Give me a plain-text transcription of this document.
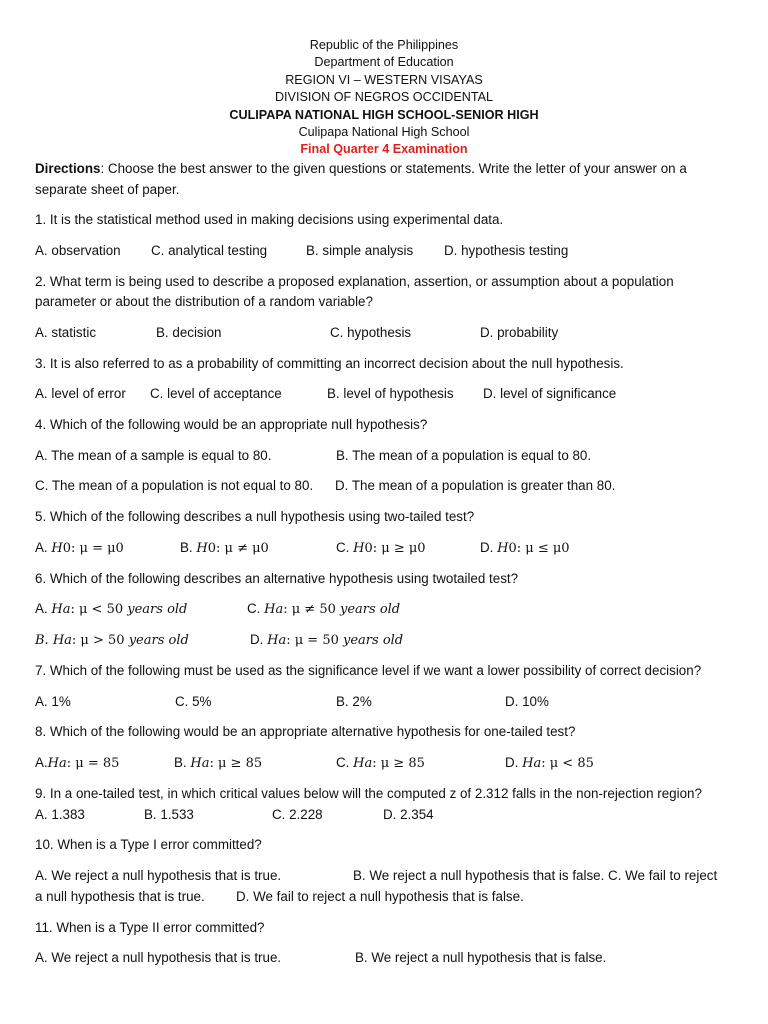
Republic of the Philippines
Department of Education
REGION VI – WESTERN VISAYAS
DIVISION OF NEGROS OCCIDENTAL
CULIPAPA NATIONAL HIGH SCHOOL-SENIOR HIGH
Culipapa National High School
Final Quarter 4 Examination
Directions: Choose the best answer to the given questions or statements. Write the letter of your answer on a
separate sheet of paper.
1. It is the statistical method used in making decisions using experimental data.
A. observation C. analytical testing	B. simple analysis D. hypothesis testing
2. What term is being used to describe a proposed explanation, assertion, or assumption about a population
parameter or about the distribution of a random variable?
A. statistic	B. decision	C. hypothesis	D. probability
3. It is also referred to as a probability of committing an incorrect decision about the null hypothesis.
A. level of error C. level of acceptance	B. level of hypothesis D. level of significance
4. Which of the following would be an appropriate null hypothesis?
A. The mean of a sample is equal to 80.	B. The mean of a population is equal to 80.
C. The mean of a population is not equal to 80. D. The mean of a population is greater than 80.
5. Which of the following describes a null hypothesis using two-tailed test?
A. H0: μ = μ0	B. H0: μ ≠ μ0	C. H0: μ ≥ μ0	D. H0: μ ≤ μ0
6. Which of the following describes an alternative hypothesis using twotailed test?
A. Ha: μ < 50 years old	C. Ha: μ ≠ 50 years old
B. Ha: μ > 50 years old	D. Ha: μ = 50 years old
7. Which of the following must be used as the significance level if we want a lower possibility of correct decision?
A. 1%	C. 5%	B. 2%	D. 10%
8. Which of the following would be an appropriate alternative hypothesis for one-tailed test?
A.Ha: μ = 85	B. Ha: μ ≥ 85	C. Ha: μ ≥ 85	D. Ha: μ < 85
9. In a one-tailed test, in which critical values below will the computed z of 2.312 falls in the non-rejection region?
A. 1.383	B. 1.533	C. 2.228	D. 2.354
10. When is a Type I error committed?
A. We reject a null hypothesis that is true.	B. We reject a null hypothesis that is false. C. We fail to reject
a null hypothesis that is true. D. We fail to reject a null hypothesis that is false.
11. When is a Type II error committed?
A. We reject a null hypothesis that is true.	B. We reject a null hypothesis that is false.
